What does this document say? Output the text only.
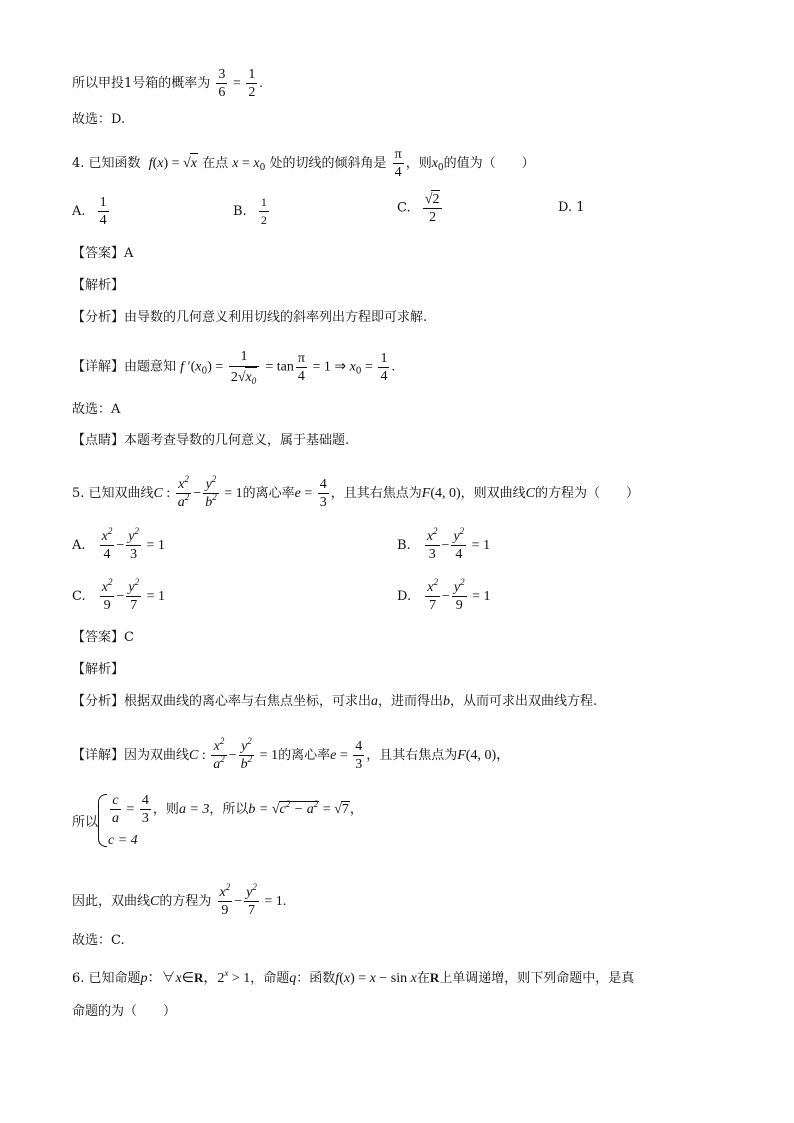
所以甲投1号箱的概率为 $\frac{3}{6} = \frac{1}{2}$ .
故选：D.
4. 已知函数 f(x) = √x 在点 $x = x_0$ 处的切线的倾斜角是 $\frac{\pi}{4}$ ，则$x_0$的值为（　　）
A. $\frac{1}{4}$	B. $\frac{1}{2}$	C. $\frac{√2}{2}$	D. 1
【答案】A
【解析】
【分析】由导数的几何意义利用切线的斜率列出方程即可求解.
【详解】由题意知 f $'(x_0) = \frac{1}{2√x_0} = \tan \frac{\pi}{4} = 1$ ⇒ $x_0 = \frac{1}{4}$ .
故选：A
【点睛】本题考查导数的几何意义，属于基础题.
5. 已知双曲线C : $\frac{x^2}{a^2} - \frac{y^2}{b^2} = 1$的离心率$e = \frac{4}{3}$ ，且其右焦点为F(4, 0)，则双曲线C的方程为（　　）
A. $\frac{x^2}{4} - \frac{y^2}{3} = 1$	B. $\frac{x^2}{3} - \frac{y^2}{4} = 1$
C. $\frac{x^2}{9} - \frac{y^2}{7} = 1$	D. $\frac{x^2}{7} - \frac{y^2}{9} = 1$
【答案】C
【解析】
【分析】根据双曲线的离心率与右焦点坐标，可求出a，进而得出b，从而可求出双曲线方程.
【详解】因为双曲线C : $\frac{x^2}{a^2} - \frac{y^2}{b^2} = 1$的离心率$e = \frac{4}{3}$ ，且其右焦点为F(4, 0)，
所以 $\frac{c}{a} = \frac{4}{3}$ ，则a = 3，所以$b = √c^2 - a^2 = √7$，
c = 4
因此，双曲线C的方程为 $\frac{x^2}{9} - \frac{y^2}{7} = 1$.
故选：C.
6. 已知命题p：∀x∈R，$2^x > 1$，命题q：函数f(x) = x − sin x在R上单调递增，则下列命题中，是真
命题的为（　　）
